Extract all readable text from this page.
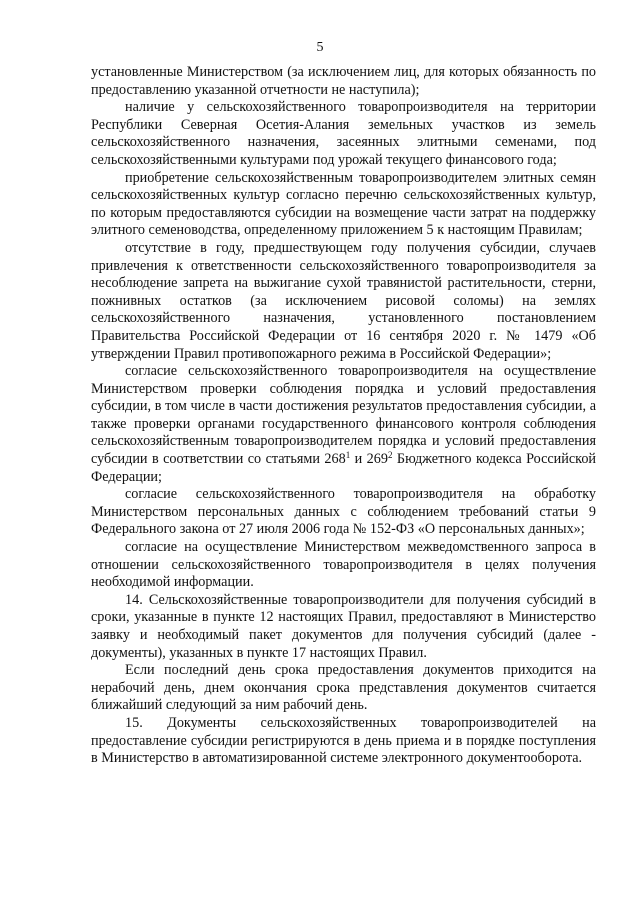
5

установленные Министерством (за исключением лиц, для которых обязанность по предоставлению указанной отчетности не наступила);

наличие у сельскохозяйственного товаропроизводителя на территории Республики Северная Осетия-Алания земельных участков из земель сельскохозяйственного назначения, засеянных элитными семенами, под сельскохозяйственными культурами под урожай текущего финансового года;

приобретение сельскохозяйственным товаропроизводителем элитных семян сельскохозяйственных культур согласно перечню сельскохозяйственных культур, по которым предоставляются субсидии на возмещение части затрат на поддержку элитного семеноводства, определенному приложением 5 к настоящим Правилам;

отсутствие в году, предшествующем году получения субсидии, случаев привлечения к ответственности сельскохозяйственного товаропроизводителя за несоблюдение запрета на выжигание сухой травянистой растительности, стерни, пожнивных остатков (за исключением рисовой соломы) на землях сельскохозяйственного назначения, установленного постановлением Правительства Российской Федерации от 16 сентября 2020 г. № 1479 «Об утверждении Правил противопожарного режима в Российской Федерации»;

согласие сельскохозяйственного товаропроизводителя на осуществление Министерством проверки соблюдения порядка и условий предоставления субсидии, в том числе в части достижения результатов предоставления субсидии, а также проверки органами государственного финансового контроля соблюдения сельскохозяйственным товаропроизводителем порядка и условий предоставления субсидии в соответствии со статьями $268^1$ и $269^2$ Бюджетного кодекса Российской Федерации;

согласие сельскохозяйственного товаропроизводителя на обработку Министерством персональных данных с соблюдением требований статьи 9 Федерального закона от 27 июля 2006 года № 152-ФЗ «О персональных данных»;

согласие на осуществление Министерством межведомственного запроса в отношении сельскохозяйственного товаропроизводителя в целях получения необходимой информации.

14. Сельскохозяйственные товаропроизводители для получения субсидий в сроки, указанные в пункте 12 настоящих Правил, предоставляют в Министерство заявку и необходимый пакет документов для получения субсидий (далее - документы), указанных в пункте 17 настоящих Правил.

Если последний день срока предоставления документов приходится на нерабочий день, днем окончания срока представления документов считается ближайший следующий за ним рабочий день.

15. Документы сельскохозяйственных товаропроизводителей на предоставление субсидии регистрируются в день приема и в порядке поступления в Министерство в автоматизированной системе электронного документооборота.
